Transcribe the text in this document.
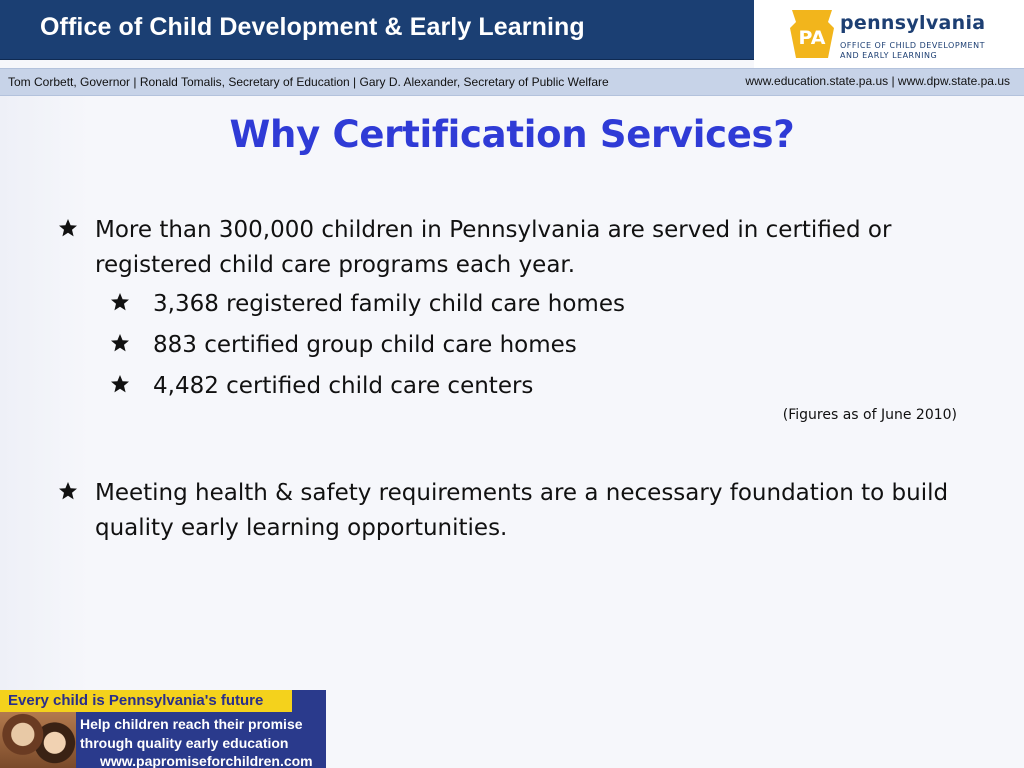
Office of Child Development & Early Learning	PA
pennsylvania
OFFICE OF CHILD DEVELOPMENT
AND EARLY LEARNING
Tom Corbett, Governor | Ronald Tomalis, Secretary of Education | Gary D. Alexander, Secretary of Public Welfare	www.education.state.pa.us | www.dpw.state.pa.us
Why Certification Services?
More than 300,000 children in Pennsylvania are served in certified or registered child care programs each year.
3,368 registered family child care homes
883 certified group child care homes
4,482 certified child care centers
(Figures as of June 2010)
Meeting health & safety requirements are a necessary foundation to build quality early learning opportunities.
Every child is Pennsylvania's future
Help children reach their promise
through quality early education
www.papromiseforchildren.com
